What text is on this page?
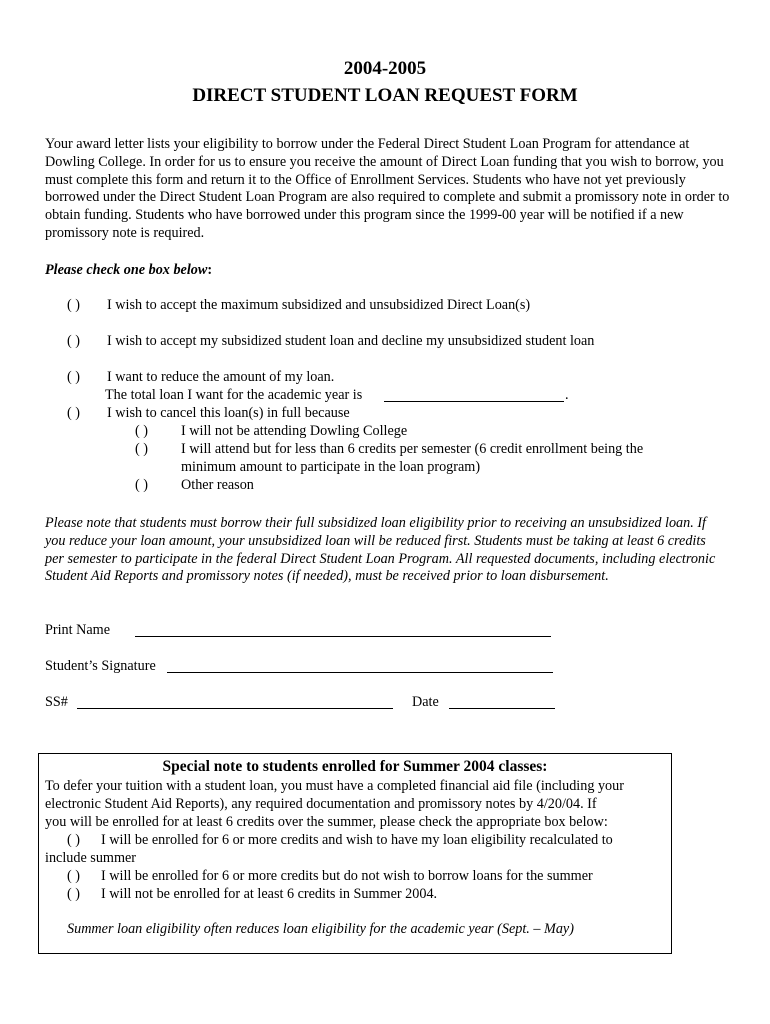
2004-2005
DIRECT STUDENT LOAN REQUEST FORM
Your award letter lists your eligibility to borrow under the Federal Direct Student Loan Program for attendance at Dowling College. In order for us to ensure you receive the amount of Direct Loan funding that you wish to borrow, you must complete this form and return it to the Office of Enrollment Services. Students who have not yet previously borrowed under the Direct Student Loan Program are also required to complete and submit a promissory note in order to obtain funding. Students who have borrowed under this program since the 1999-00 year will be notified if a new promissory note is required.
Please check one box below:
( ) I wish to accept the maximum subsidized and unsubsidized Direct Loan(s)
( ) I wish to accept my subsidized student loan and decline my unsubsidized student loan
( ) I want to reduce the amount of my loan.
The total loan I want for the academic year is	.
( ) I wish to cancel this loan(s) in full because
( ) I will not be attending Dowling College
( ) I will attend but for less than 6 credits per semester (6 credit enrollment being the
minimum amount to participate in the loan program)
( ) Other reason
Please note that students must borrow their full subsidized loan eligibility prior to receiving an unsubsidized loan. If you reduce your loan amount, your unsubsidized loan will be reduced first. Students must be taking at least 6 credits per semester to participate in the federal Direct Student Loan Program. All requested documents, including electronic Student Aid Reports and promissory notes (if needed), must be received prior to loan disbursement.
Print Name
Student’s Signature
SS#	Date
Special note to students enrolled for Summer 2004 classes:
To defer your tuition with a student loan, you must have a completed financial aid file (including your
electronic Student Aid Reports), any required documentation and promissory notes by 4/20/04. If
you will be enrolled for at least 6 credits over the summer, please check the appropriate box below:
( ) I will be enrolled for 6 or more credits and wish to have my loan eligibility recalculated to
include summer
( ) I will be enrolled for 6 or more credits but do not wish to borrow loans for the summer
( ) I will not be enrolled for at least 6 credits in Summer 2004.
Summer loan eligibility often reduces loan eligibility for the academic year (Sept. – May)
